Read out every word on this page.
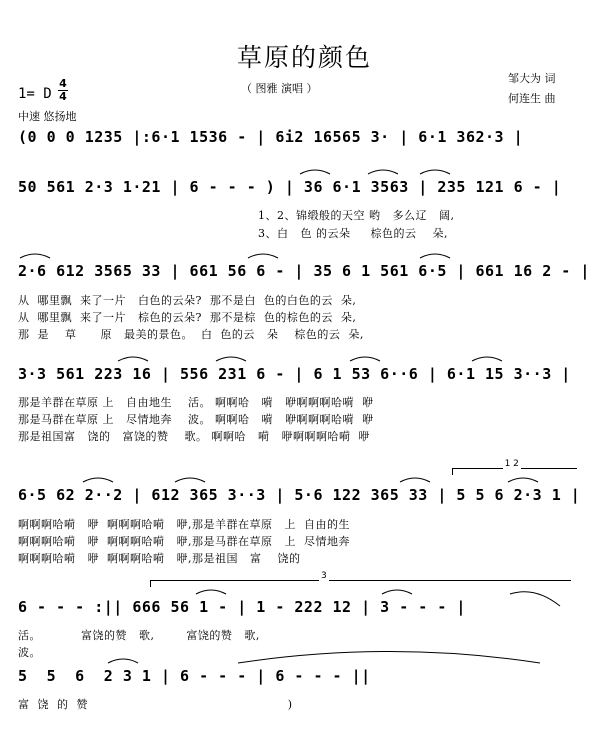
草原的颜色
（ 图雅 演唱 ）
邹大为 词
何连生 曲
1= D
4
4
中速 悠扬地
(0 0 0 1235 |:6·1 1536 - | 6i2 16565 3· | 6·1 362·3 |
50 561 2·3 1·21 | 6 - - - ) | 36 6·1 3563 | 235 121 6 - |
1、2、锦缎般的天空 哟   多么辽   阔,
3、白   色 的云朵     棕色的云    朵,
2·6 612 3565 33 | 661 56 6 - | 35 6 1 561 6·5 | 661 16 2 - |
从  哪里飘  来了一片   白色的云朵?  那不是白  色的白色的云  朵,
从  哪里飘  来了一片   棕色的云朵?  那不是棕  色的棕色的云  朵,
那  是    草      原   最美的景色。  白  色的云   朵    棕色的云  朵,
3·3 561 223 16 | 556 231 6 - | 6 1 53 6··6 | 6·1 15 3··3 |
那是羊群在草原 上   自由地生    活。 啊啊哈   嗬   咿啊啊啊哈嗬  咿
那是马群在草原 上   尽情地奔    波。 啊啊哈   嗬   咿啊啊啊哈嗬  咿
那是祖国富   饶的   富饶的赞    歌。 啊啊哈   嗬   咿啊啊啊哈嗬  咿
1 2
6·5 62 2··2 | 612 365 3··3 | 5·6 122 365 33 | 5 5 6 2·3 1 |
啊啊啊哈嗬   咿  啊啊啊哈嗬   咿,那是羊群在草原   上  自由的生
啊啊啊哈嗬   咿  啊啊啊哈嗬   咿,那是马群在草原   上  尽情地奔
啊啊啊哈嗬   咿  啊啊啊哈嗬   咿,那是祖国   富    饶的
3
6 - - - :|| 666 56 1 - | 1 - 222 12 | 3 - - - |
活。          富饶的赞   歌,        富饶的赞   歌,
波。
5  5  6  2 3 1 | 6 - - - | 6 - - - ||
富  饶  的  赞                                                  )
